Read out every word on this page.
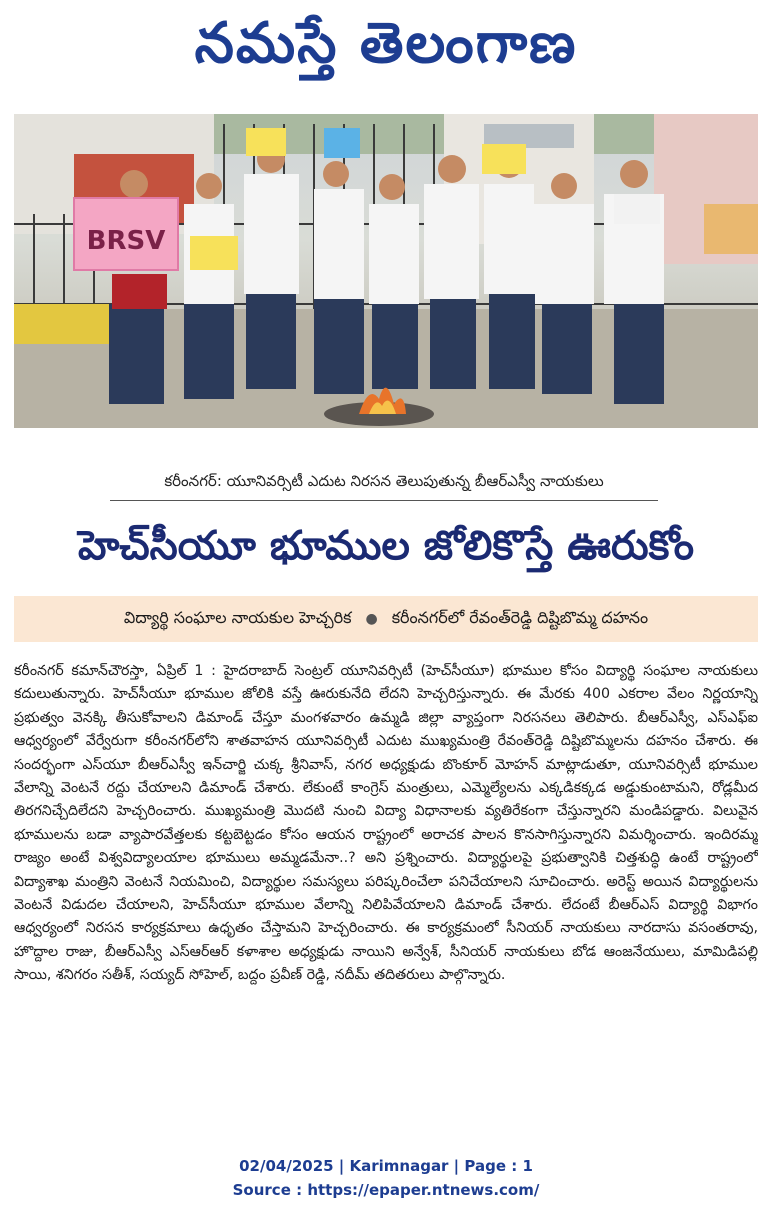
నమస్తే తెలంగాణ
BRSV
కరీంనగర్: యూనివర్సిటీ ఎదుట నిరసన తెలుపుతున్న బీఆర్ఎస్వీ నాయకులు
హెచ్‌సీయూ భూముల జోలికొస్తే ఊరుకోం
విద్యార్థి సంఘాల నాయకుల హెచ్చరిక ● కరీంనగర్‌లో రేవంత్‌రెడ్డి దిష్టిబొమ్మ దహనం
కరీంనగర్ కమాన్‌చౌరస్తా, ఏప్రిల్ 1 : హైదరాబాద్ సెంట్రల్ యూనివర్సిటీ (హెచ్‌సీయూ) భూముల కోసం విద్యార్థి సంఘాల నాయకులు కదులుతున్నారు. హెచ్‌సీయూ భూముల జోలికి వస్తే ఊరుకునేది లేదని హెచ్చరిస్తున్నారు. ఈ మేరకు 400 ఎకరాల వేలం నిర్ణయాన్ని ప్రభుత్వం వెనక్కి తీసుకోవాలని డిమాండ్ చేస్తూ మంగళవారం ఉమ్మడి జిల్లా వ్యాప్తంగా నిరసనలు తెలిపారు. బీఆర్ఎస్వీ, ఎస్ఎఫ్ఐ ఆధ్వర్యంలో వేర్వేరుగా కరీంనగర్‌లోని శాతవాహన యూనివర్సిటీ ఎదుట ముఖ్యమంత్రి రేవంత్‌రెడ్డి దిష్టిబొమ్మలను దహనం చేశారు. ఈ సందర్భంగా ఎస్‌యూ బీఆర్ఎస్వీ ఇన్‌చార్జి చుక్క శ్రీనివాస్, నగర అధ్యక్షుడు బొంకూర్ మోహన్ మాట్లాడుతూ, యూనివర్సిటీ భూముల వేలాన్ని వెంటనే రద్దు చేయాలని డిమాండ్ చేశారు. లేకుంటే కాంగ్రెస్ మంత్రులు, ఎమ్మెల్యేలను ఎక్కడికక్కడ అడ్డుకుంటామని, రోడ్లమీద తిరగనిచ్చేదిలేదని హెచ్చరించారు. ముఖ్యమంత్రి మొదటి నుంచి విద్యా విధానాలకు వ్యతిరేకంగా చేస్తున్నారని మండిపడ్డారు. విలువైన భూములను బడా వ్యాపారవేత్తలకు కట్టబెట్టడం కోసం ఆయన రాష్ట్రంలో అరాచక పాలన కొనసాగిస్తున్నారని విమర్శించారు. ఇందిరమ్మ రాజ్యం అంటే విశ్వవిద్యాలయాల భూములు అమ్మడమేనా..? అని ప్రశ్నించారు. విద్యార్థులపై ప్రభుత్వానికి చిత్తశుద్ధి ఉంటే రాష్ట్రంలో విద్యాశాఖ మంత్రిని వెంటనే నియమించి, విద్యార్థుల సమస్యలు పరిష్కరించేలా పనిచేయాలని సూచించారు. అరెస్ట్ అయిన విద్యార్థులను వెంటనే విడుదల చేయాలని, హెచ్‌సీయూ భూముల వేలాన్ని నిలిపివేయాలని డిమాండ్ చేశారు. లేదంటే బీఆర్ఎస్ విద్యార్థి విభాగం ఆధ్వర్యంలో నిరసన కార్యక్రమాలు ఉధృతం చేస్తామని హెచ్చరించారు. ఈ కార్యక్రమంలో సీనియర్ నాయకులు నారదాసు వసంతరావు, హొద్దాల రాజు, బీఆర్ఎస్వీ ఎస్ఆర్ఆర్ కళాశాల అధ్యక్షుడు నాయిని అన్వేశ్, సీనియర్ నాయకులు బోడ ఆంజనేయులు, మామిడిపల్లి సాయి, శనిగరం సతీశ్, సయ్యద్ సోహెల్, బద్దం ప్రవీణ్ రెడ్డి, నదీమ్ తదితరులు పాల్గొన్నారు.
02/04/2025 | Karimnagar | Page : 1
Source : https://epaper.ntnews.com/
